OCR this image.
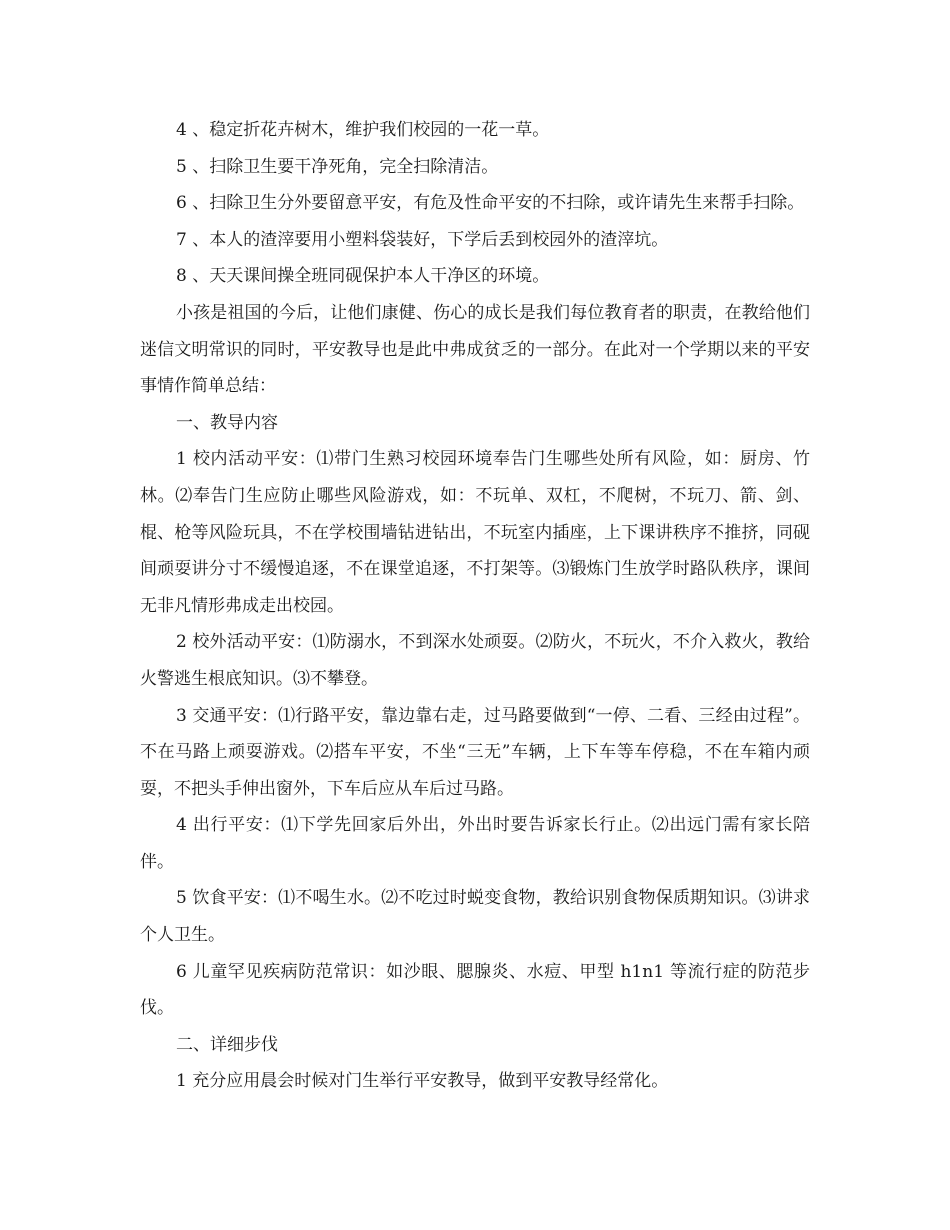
4 、稳定折花卉树木，维护我们校园的一花一草。

5 、扫除卫生要干净死角，完全扫除清洁。

6 、扫除卫生分外要留意平安，有危及性命平安的不扫除，或许请先生来帮手扫除。

7 、本人的渣滓要用小塑料袋装好，下学后丢到校园外的渣滓坑。

8 、天天课间操全班同砚保护本人干净区的环境。

小孩是祖国的今后，让他们康健、伤心的成长是我们每位教育者的职责，在教给他们迷信文明常识的同时，平安教导也是此中弗成贫乏的一部分。在此对一个学期以来的平安事情作简单总结：

一、教导内容

1 校内活动平安：⑴带门生熟习校园环境奉告门生哪些处所有风险，如：厨房、竹林。⑵奉告门生应防止哪些风险游戏，如：不玩单、双杠，不爬树，不玩刀、箭、剑、棍、枪等风险玩具，不在学校围墙钻进钻出，不玩室内插座，上下课讲秩序不推挤，同砚间顽耍讲分寸不缓慢追逐，不在课堂追逐，不打架等。⑶锻炼门生放学时路队秩序，课间无非凡情形弗成走出校园。

2 校外活动平安：⑴防溺水，不到深水处顽耍。⑵防火，不玩火，不介入救火，教给火警逃生根底知识。⑶不攀登。

3 交通平安：⑴行路平安，靠边靠右走，过马路要做到“一停、二看、三经由过程”。不在马路上顽耍游戏。⑵搭车平安，不坐“三无”车辆，上下车等车停稳，不在车箱内顽耍，不把头手伸出窗外，下车后应从车后过马路。

4 出行平安：⑴下学先回家后外出，外出时要告诉家长行止。⑵出远门需有家长陪伴。

5 饮食平安：⑴不喝生水。⑵不吃过时蜕变食物，教给识别食物保质期知识。⑶讲求个人卫生。

6 儿童罕见疾病防范常识：如沙眼、腮腺炎、水痘、甲型 h1n1 等流行症的防范步伐。

二、详细步伐

1 充分应用晨会时候对门生举行平安教导，做到平安教导经常化。
